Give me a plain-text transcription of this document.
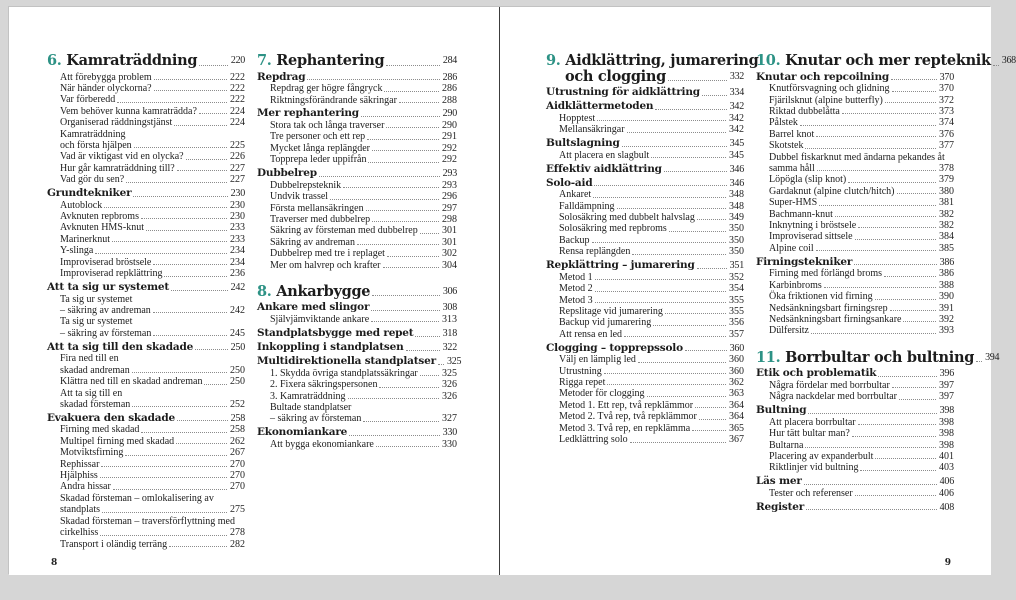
6. Kamraträddning	220
Att förebygga problem	222
När händer olyckorna?	222
Var förberedd	222
Vem behöver kunna kamraträdda?	224
Organiserad räddningstjänst	224
Kamraträddning
och första hjälpen	225
Vad är viktigast vid en olycka?	226
Hur går kamraträddning till?	227
Vad gör du sen?	227
Grundtekniker	230
Autoblock	230
Avknuten repbroms	230
Avknuten HMS-knut	233
Marinerknut	233
Y-slinga	234
Improviserad bröstsele	234
Improviserad repklättring	236
Att ta sig ur systemet	242
Ta sig ur systemet
– säkring av andreman	242
Ta sig ur systemet
– säkring av försteman	245
Att ta sig till den skadade	250
Fira ned till en
skadad andreman	250
Klättra ned till en skadad andreman	250
Att ta sig till en
skadad försteman	252
Evakuera den skadade	258
Firning med skadad	258
Multipel firning med skadad	262
Motviktsfirning	267
Rephissar	270
Hjälphiss	270
Andra hissar	270
Skadad försteman – omlokalisering av
standplats	275
Skadad försteman – traversförflyttning med
cirkelhiss	278
Transport i oländig terräng	282
7. Rephantering	284
Repdrag	286
Repdrag ger högre fångryck	286
Riktningsförändrande säkringar	288
Mer rephantering	290
Stora tak och långa traverser	290
Tre personer och ett rep	291
Mycket långa replängder	292
Topprepa leder uppifrån	292
Dubbelrep	293
Dubbelrepsteknik	293
Undvik trassel	296
Första mellansäkringen	297
Traverser med dubbelrep	298
Säkring av försteman med dubbelrep 301
Säkring av andreman	301
Dubbelrep med tre i replaget	302
Mer om halvrep och krafter	304
8. Ankarbygge	306
Ankare med slingor	308
Självjämviktande ankare	313
Standplatsbygge med repet	318
Inkoppling i standplatsen	322
Multidirektionella standplatser 325
1. Skydda övriga standplatssäkringar 325
2. Fixera säkringspersonen	326
3. Kamraträddning	326
Bultade standplatser
– säkring av försteman	327
Ekonomiankare	330
Att bygga ekonomiankare	330
8
9. Aidklättring, jumarering
och clogging	332
Utrustning för aidklättring	334
Aidklättermetoden	342
Hopptest	342
Mellansäkringar	342
Bultslagning	345
Att placera en slagbult	345
Effektiv aidklättring	346
Solo-aid	346
Ankaret	348
Falldämpning	348
Solosäkring med dubbelt halvslag	349
Solosäkring med repbroms	350
Backup	350
Rensa replängden	350
Repklättring – jumarering	351
Metod 1	352
Metod 2	354
Metod 3	355
Repslitage vid jumarering	355
Backup vid jumarering	356
Att rensa en led	357
Clogging – topprepssolo	360
Välj en lämplig led	360
Utrustning	360
Rigga repet	362
Metoder för clogging	363
Metod 1. Ett rep, två repklämmor	364
Metod 2. Två rep, två repklämmor	364
Metod 3. Två rep, en repklämma	365
Ledklättring solo	367
10. Knutar och mer repteknik 368
Knutar och repcoilning	370
Knutförsvagning och glidning	370
Fjärilsknut (alpine butterfly)	372
Riktad dubbelåtta	373
Pålstek	374
Barrel knot	376
Skotstek	377
Dubbel fiskarknut med ändarna pekandes åt
samma håll	378
Löpögla (slip knot)	379
Gardaknut (alpine clutch/hitch)	380
Super-HMS	381
Bachmann-knut	382
Inknytning i bröstsele	382
Improviserad sittsele	384
Alpine coil	385
Firningstekniker	386
Firning med förlängd broms	386
Karbinbroms	388
Öka friktionen vid firning	390
Nedsänkningsbart firningsrep	391
Nedsänkningsbart firningsankare	392
Dülfersitz	393
11. Borrbultar och bultning 394
Etik och problematik	396
Några fördelar med borrbultar	397
Några nackdelar med borrbultar	397
Bultning	398
Att placera borrbultar	398
Hur tätt bultar man?	398
Bultarna	398
Placering av expanderbult	401
Riktlinjer vid bultning	403
Läs mer	406
Tester och referenser	406
Register	408
9
